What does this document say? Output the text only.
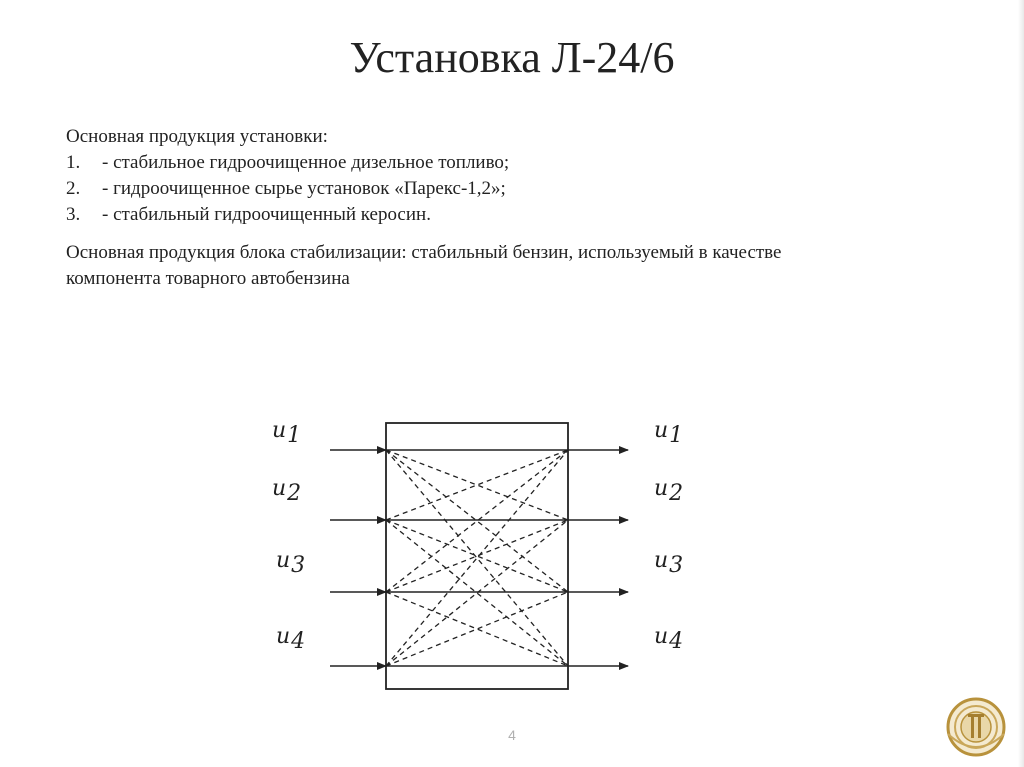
Установка Л-24/6

Основная продукция установки:

1.	- стабильное гидроочищенное дизельное топливо;
2.	- гидроочищенное сырье установок «Парекс-1,2»;
3.	- стабильный гидроочищенный керосин.

Основная продукция блока стабилизации: стабильный бензин, используемый в качестве
компонента товарного автобензина

u1
u2
u3
u4
u1
u2
u3
u4
4
